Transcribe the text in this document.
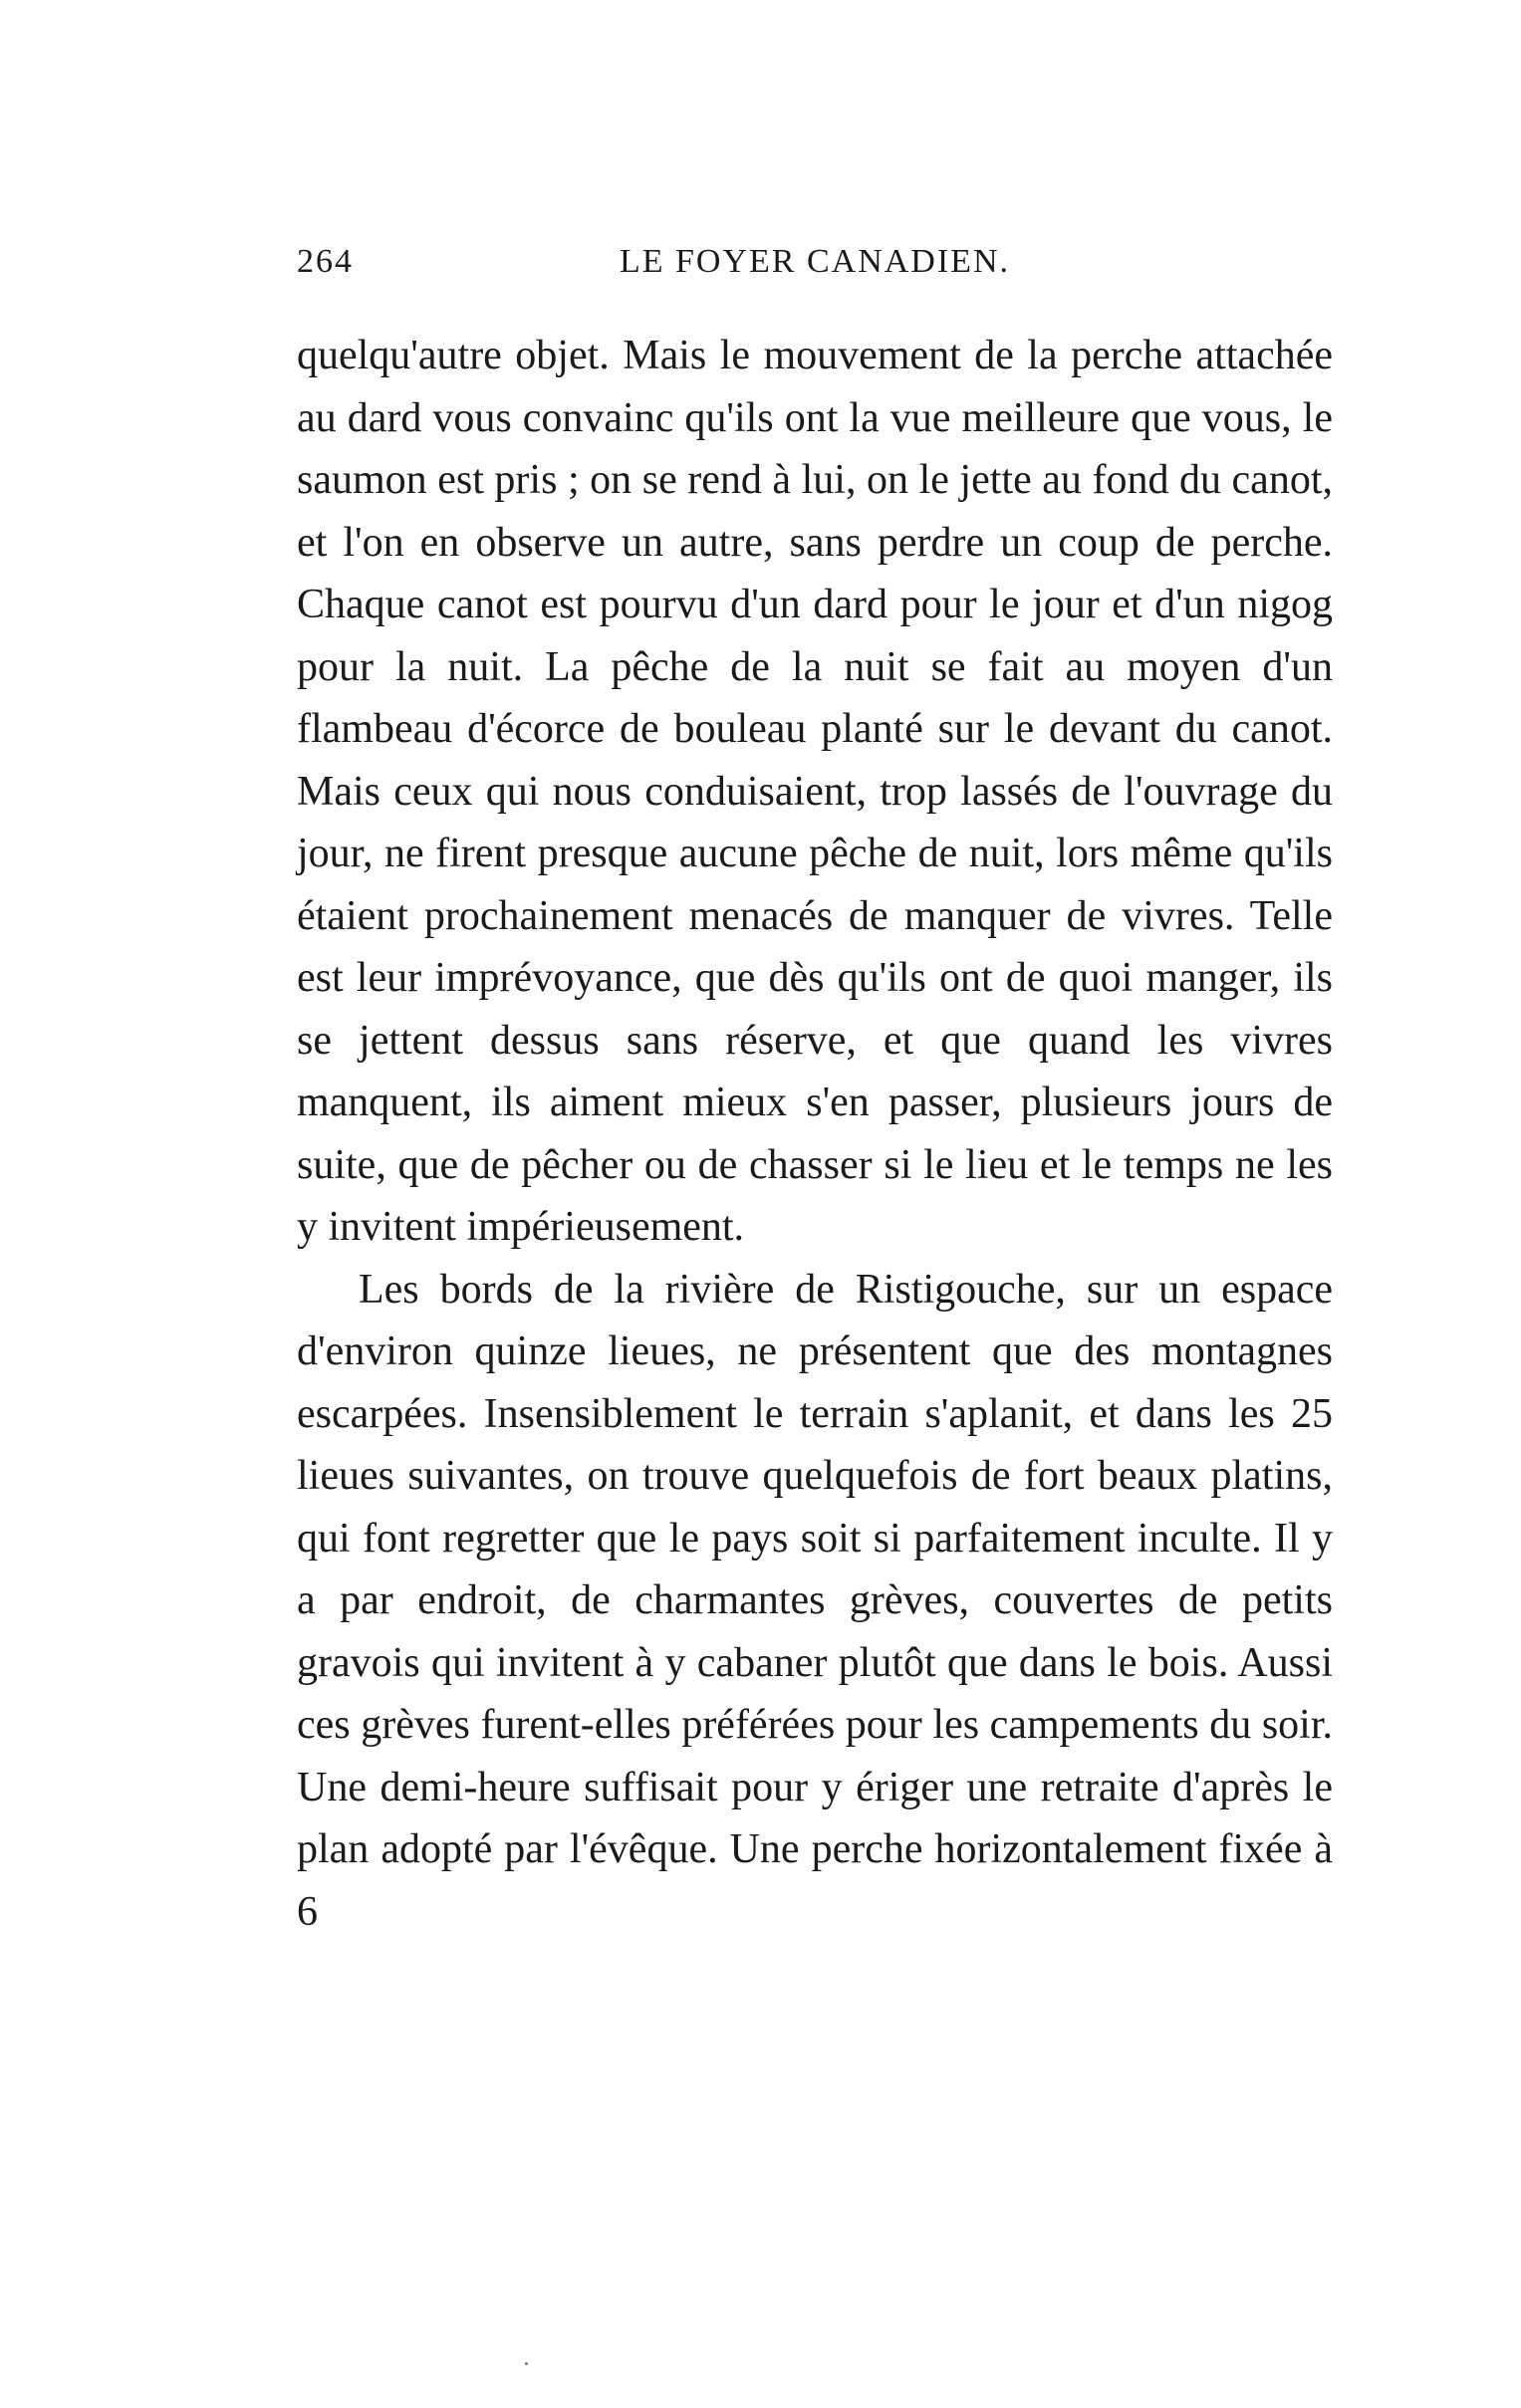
264	LE FOYER CANADIEN.

quelqu'autre objet. Mais le mouvement de la perche attachée au dard vous convainc qu'ils ont la vue meilleure que vous, le saumon est pris ; on se rend à lui, on le jette au fond du canot, et l'on en observe un autre, sans perdre un coup de perche. Chaque canot est pourvu d'un dard pour le jour et d'un nigog pour la nuit. La pêche de la nuit se fait au moyen d'un flambeau d'écorce de bouleau planté sur le devant du canot. Mais ceux qui nous conduisaient, trop lassés de l'ouvrage du jour, ne firent presque aucune pêche de nuit, lors même qu'ils étaient prochainement menacés de manquer de vivres. Telle est leur imprévoyance, que dès qu'ils ont de quoi manger, ils se jettent dessus sans réserve, et que quand les vivres manquent, ils aiment mieux s'en passer, plusieurs jours de suite, que de pêcher ou de chasser si le lieu et le temps ne les y invitent impérieusement.

Les bords de la rivière de Ristigouche, sur un espace d'environ quinze lieues, ne présentent que des montagnes escarpées. Insensiblement le terrain s'aplanit, et dans les 25 lieues suivantes, on trouve quelquefois de fort beaux platins, qui font regretter que le pays soit si parfaitement inculte. Il y a par endroit, de charmantes grèves, couvertes de petits gravois qui invitent à y cabaner plutôt que dans le bois. Aussi ces grèves furent-elles préférées pour les campements du soir. Une demi-heure suffisait pour y ériger une retraite d'après le plan adopté par l'évêque. Une perche horizontalement fixée à 6
